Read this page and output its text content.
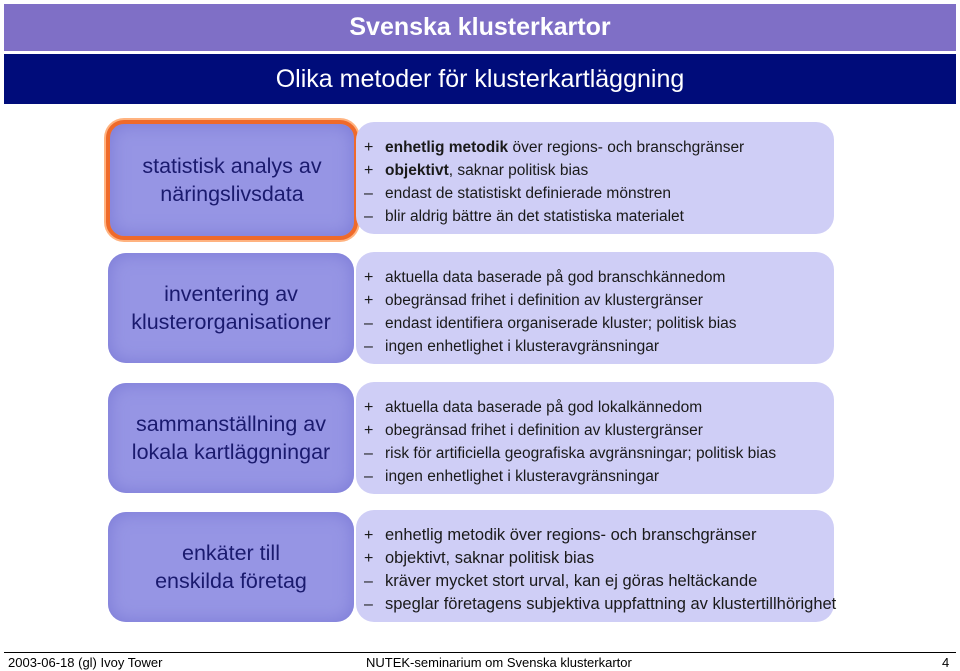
Svenska klusterkartor
Olika metoder för klusterkartläggning
statistisk analys av
näringslivsdata
+ enhetlig metodik över regions- och branschgränser
+ objektivt, saknar politisk bias
– endast de statistiskt definierade mönstren
– blir aldrig bättre än det statistiska materialet
inventering av
klusterorganisationer
+ aktuella data baserade på god branschkännedom
+ obegränsad frihet i definition av klustergränser
– endast identifiera organiserade kluster; politisk bias
– ingen enhetlighet i klusteravgränsningar
sammanställning av
lokala kartläggningar
+ aktuella data baserade på god lokalkännedom
+ obegränsad frihet i definition av klustergränser
– risk för artificiella geografiska avgränsningar; politisk bias
– ingen enhetlighet i klusteravgränsningar
enkäter till
enskilda företag
+ enhetlig metodik över regions- och branschgränser
+ objektivt, saknar politisk bias
– kräver mycket stort urval, kan ej göras heltäckande
– speglar företagens subjektiva uppfattning av klustertillhörighet
2003-06-18 (gl) Ivoy Tower	NUTEK-seminarium om Svenska klusterkartor	4
